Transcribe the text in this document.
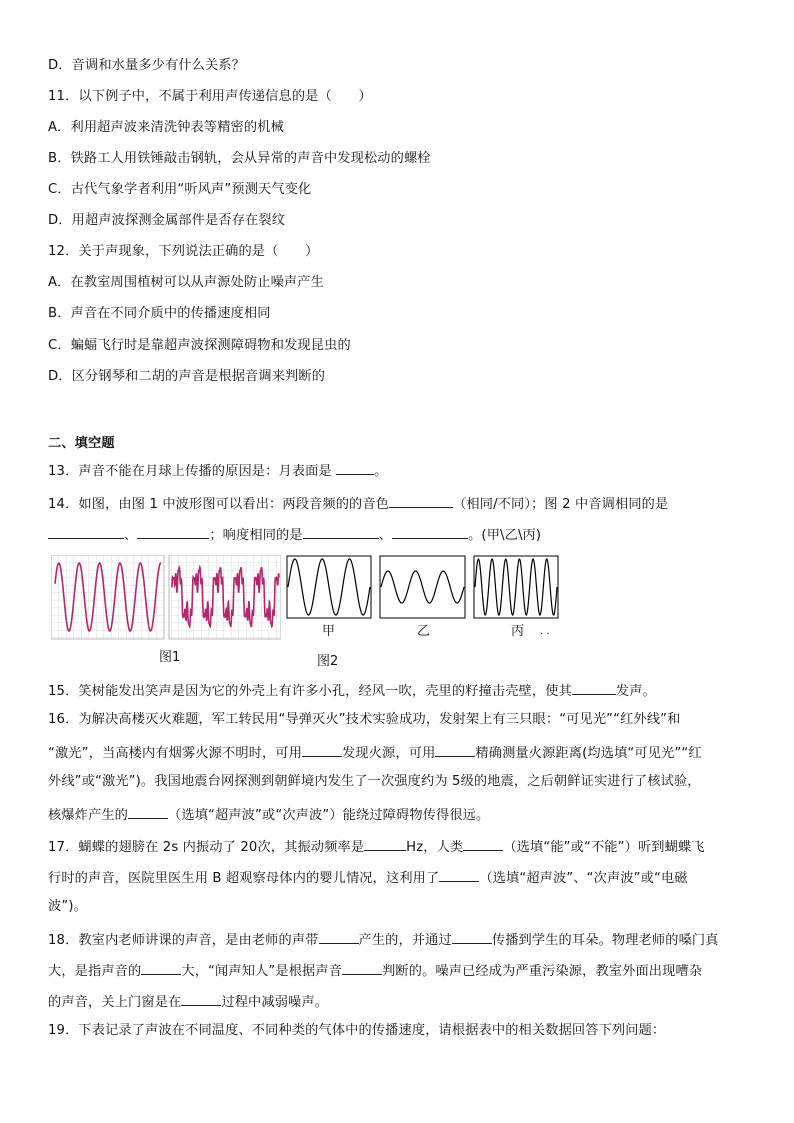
D．音调和水量多少有什么关系？
11．以下例子中，不属于利用声传递信息的是（　　）
A．利用超声波来清洗钟表等精密的机械
B．铁路工人用铁锤敲击钢轨，会从异常的声音中发现松动的螺栓
C．古代气象学者利用“听风声”预测天气变化
D．用超声波探测金属部件是否存在裂纹
12．关于声现象，下列说法正确的是（　　）
A．在教室周围植树可以从声源处防止噪声产生
B．声音在不同介质中的传播速度相同
C．蝙蝠飞行时是靠超声波探测障碍物和发现昆虫的
D．区分钢琴和二胡的声音是根据音调来判断的
二、填空题
13．声音不能在月球上传播的原因是：月表面是	。
14．如图，由图 1 中波形图可以看出：两段音频的的音色	（相同/不同）；图 2 中音调相同的是
、	；响度相同的是	、	。(甲\乙\丙)
甲	乙	丙 . .
图1	图2
15．笑树能发出笑声是因为它的外壳上有许多小孔，经风一吹，壳里的籽撞击壳壁，使其	发声。
16．为解决高楼灭火难题，军工转民用“导弹灭火”技术实验成功，发射架上有三只眼：“可见光”“红外线”和
“激光”，当高楼内有烟雾火源不明时，可用	发现火源，可用	精确测量火源距离(均选填“可见光”“红
外线”或“激光”)。我国地震台网探测到朝鲜境内发生了一次强度约为 5级的地震，之后朝鲜证实进行了核试验，
核爆炸产生的	（选填“超声波”或“次声波”）能绕过障碍物传得很远。
17．蝴蝶的翅膀在 2s 内振动了 20次，其振动频率是	Hz，人类	（选填“能”或“不能”）听到蝴蝶飞
行时的声音，医院里医生用 B 超观察母体内的婴儿情况，这利用了	（选填“超声波”、“次声波”或“电磁
波”)。
18．教室内老师讲课的声音，是由老师的声带	产生的，并通过	传播到学生的耳朵。物理老师的嗓门真
大，是指声音的	大，“闻声知人”是根据声音	判断的。噪声已经成为严重污染源，教室外面出现嘈杂
的声音，关上门窗是在	过程中减弱噪声。
19．下表记录了声波在不同温度、不同种类的气体中的传播速度，请根据表中的相关数据回答下列问题：
